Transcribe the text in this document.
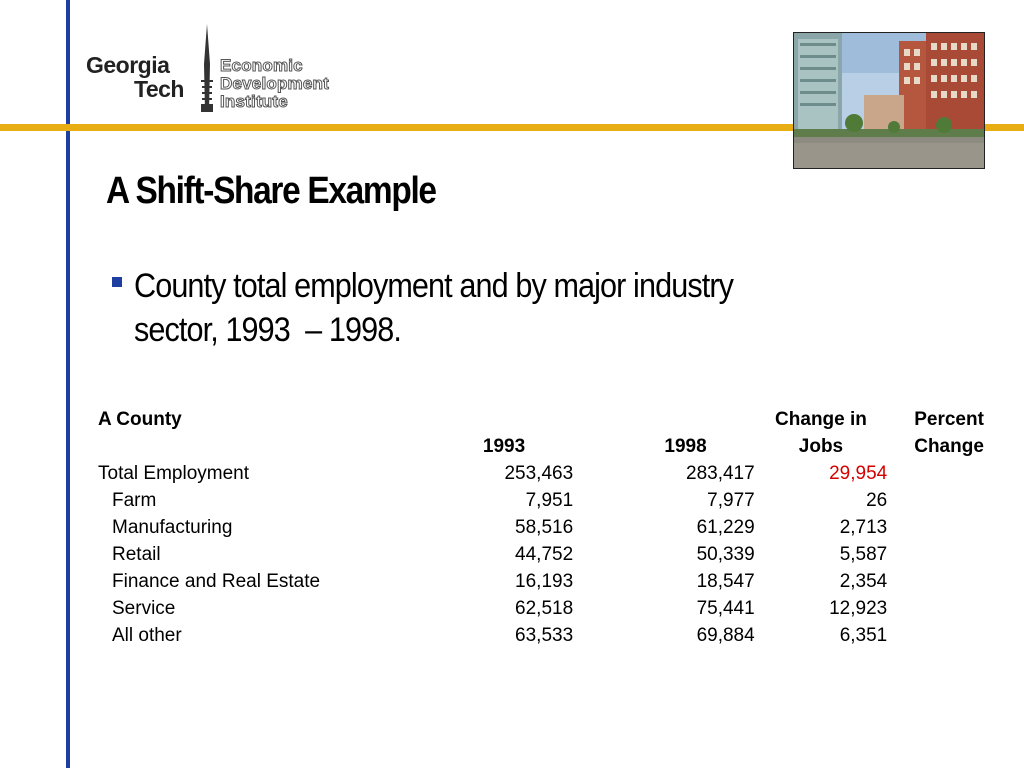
Georgia
Tech
Economic
Development
Institute
A Shift-Share Example
County total employment and by major industry
sector, 1993  – 1998.
A County			Change in	Percent
	1993	1998	Jobs	Change
Total Employment	253,463	283,417	29,954	
Farm	7,951	7,977	26	
Manufacturing	58,516	61,229	2,713	
Retail	44,752	50,339	5,587	
Finance and Real Estate	16,193	18,547	2,354	
Service	62,518	75,441	12,923	
All other	63,533	69,884	6,351	
